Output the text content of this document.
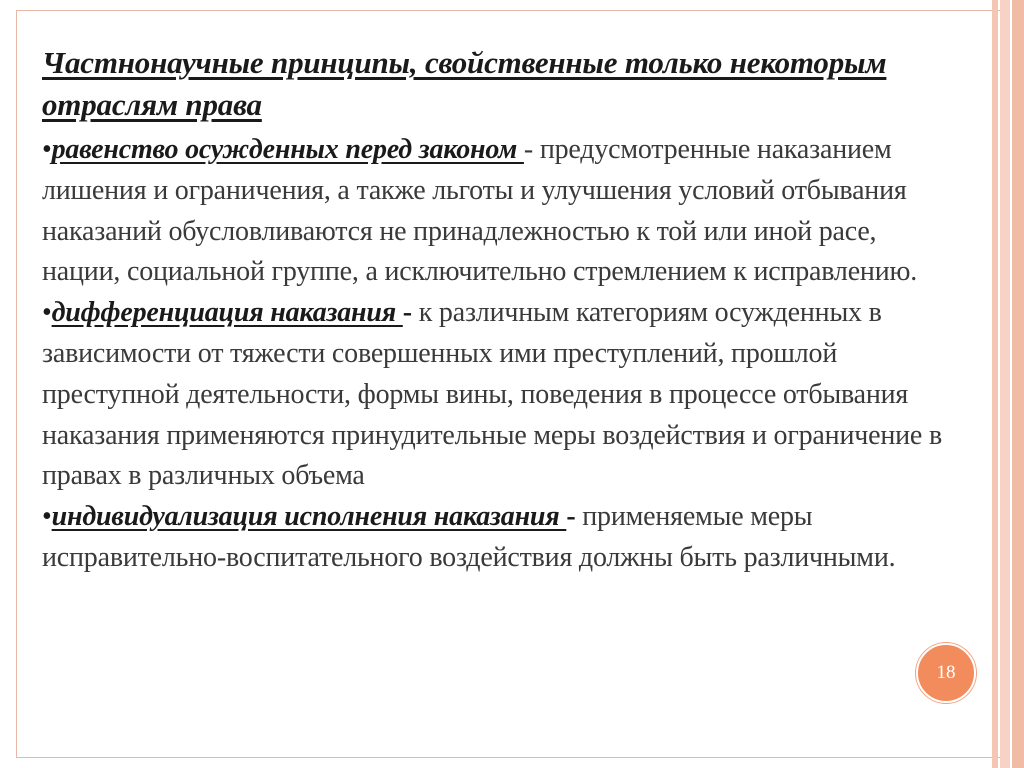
Частнонаучные принципы, свойственные только некоторым отраслям права

•равенство осужденных перед законом - предусмотренные наказанием лишения и ограничения, а также льготы и улучшения условий отбывания наказаний обусловливаются не принадлежностью к той или иной расе, нации, социальной группе, а исключительно стремлением к исправлению.

•дифференциация наказания - к различным категориям осужденных в зависимости от тяжести совершенных ими преступлений, прошлой преступной деятельности, формы вины, поведения в процессе отбывания наказания применяются принудительные меры воздействия и ограничение в правах в различных объема

•индивидуализация исполнения наказания - применяемые меры исправительно-воспитательного воздействия должны быть различными.

18
